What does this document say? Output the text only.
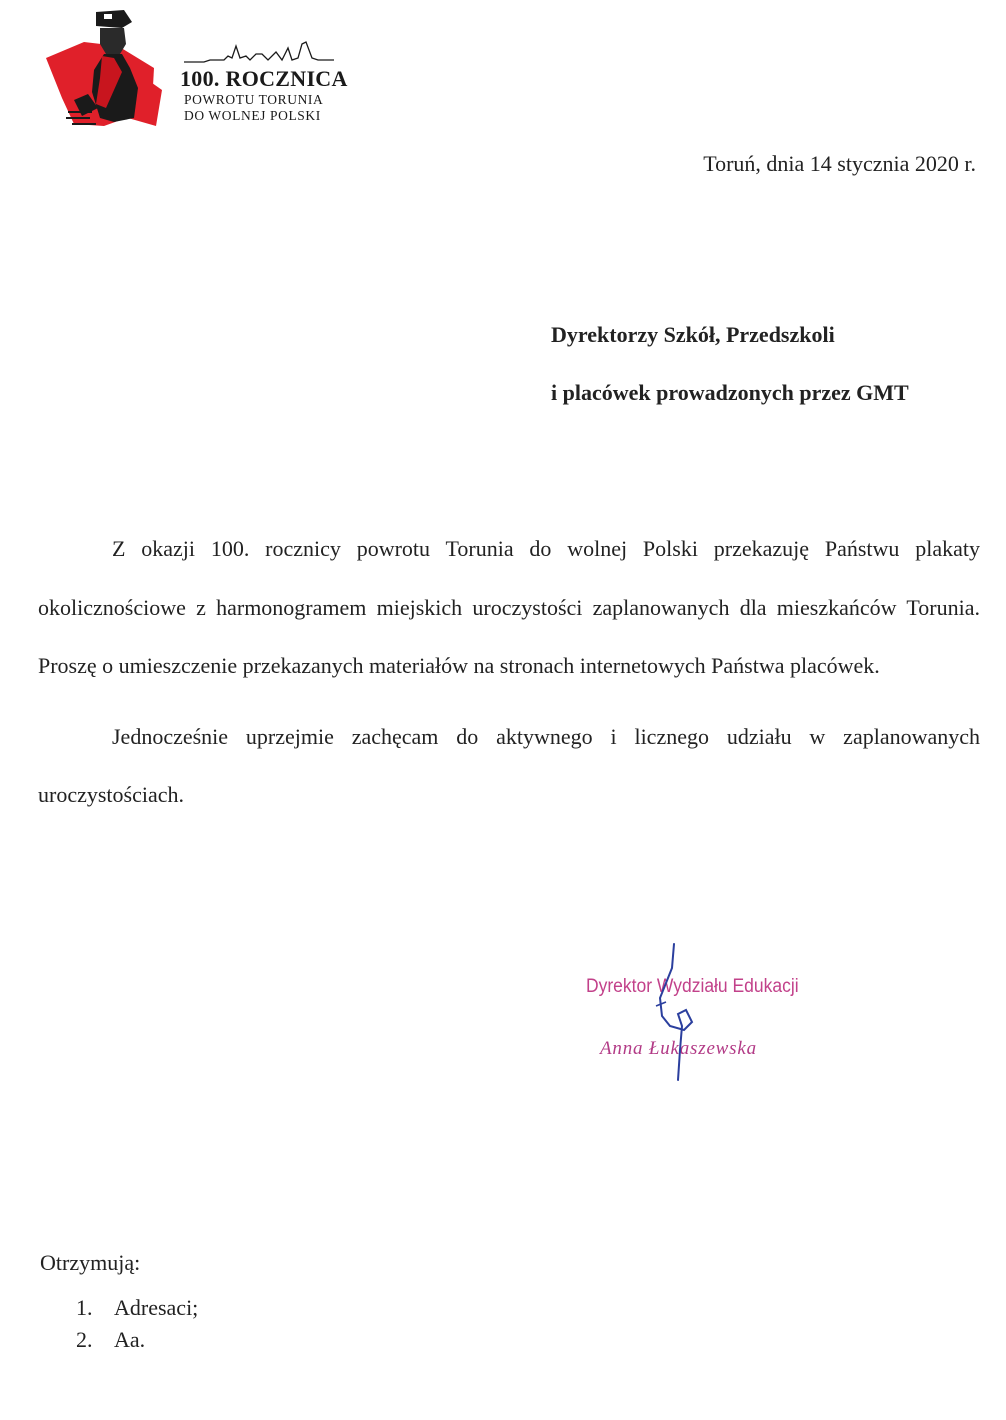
100. ROCZNICA
POWROTU TORUNIA
DO WOLNEJ POLSKI
Toruń, dnia 14 stycznia 2020 r.
Dyrektorzy Szkół, Przedszkoli
i placówek prowadzonych przez GMT

Z okazji 100. rocznicy powrotu Torunia do wolnej Polski przekazuję Państwu plakaty okolicznościowe z harmonogramem miejskich uroczystości zaplanowanych dla mieszkańców Torunia. Proszę o umieszczenie przekazanych materiałów na stronach internetowych Państwa placówek.

Jednocześnie uprzejmie zachęcam do aktywnego i licznego udziału w zaplanowanych uroczystościach.

Dyrektor Wydziału Edukacji
Anna Łukaszewska
Otrzymują:
1. Adresaci;
2. Aa.
